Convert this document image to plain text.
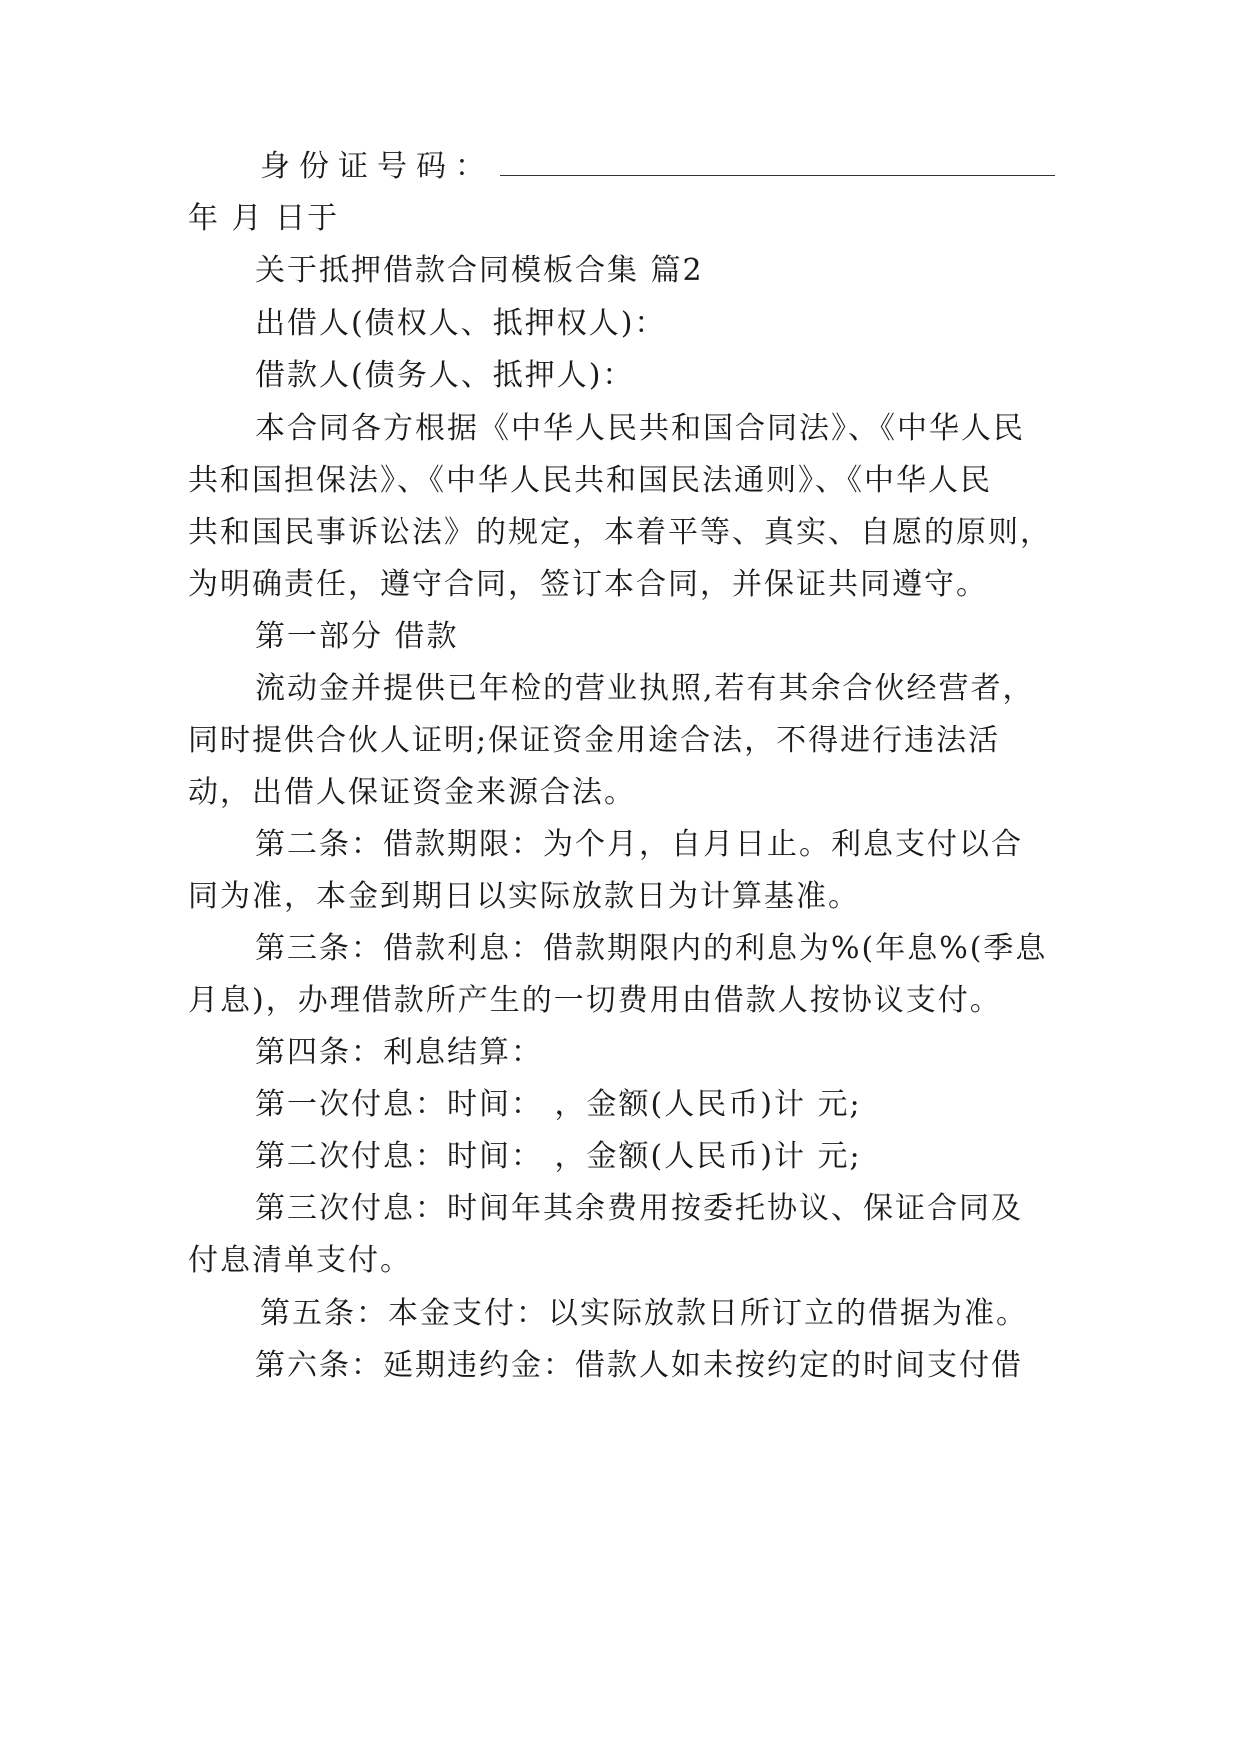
身份证号码：
年 月 日于
关于抵押借款合同模板合集 篇2
出借人(债权人、抵押权人)：
借款人(债务人、抵押人)：
本合同各方根据《中华人民共和国合同法》、《中华人民
共和国担保法》、《中华人民共和国民法通则》、《中华人民
共和国民事诉讼法》的规定，本着平等、真实、自愿的原则，
为明确责任，遵守合同，签订本合同，并保证共同遵守。
第一部分 借款
流动金并提供已年检的营业执照,若有其余合伙经营者，
同时提供合伙人证明;保证资金用途合法，不得进行违法活
动，出借人保证资金来源合法。
第二条：借款期限：为个月，自月日止。利息支付以合
同为准，本金到期日以实际放款日为计算基准。
第三条：借款利息：借款期限内的利息为%(年息%(季息
月息)，办理借款所产生的一切费用由借款人按协议支付。
第四条：利息结算：
第一次付息：时间： ，金额(人民币)计 元;
第二次付息：时间： ，金额(人民币)计 元;
第三次付息：时间年其余费用按委托协议、保证合同及
付息清单支付。
第五条：本金支付：以实际放款日所订立的借据为准。
第六条：延期违约金：借款人如未按约定的时间支付借
